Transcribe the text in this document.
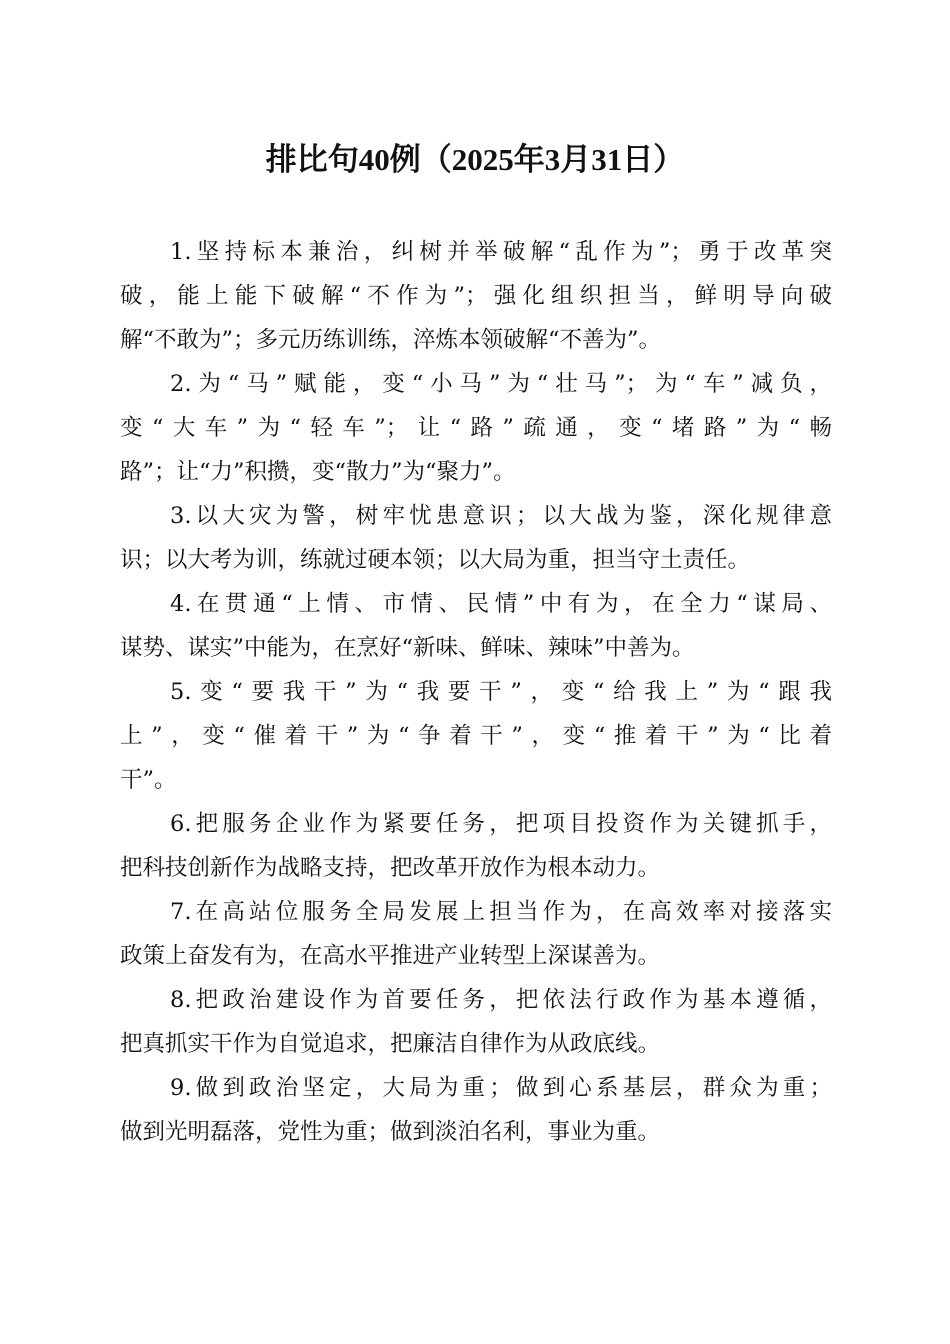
排比句40例（2025年3月31日）
1.坚持标本兼治，纠树并举破解“乱作为”；勇于改革突
破，能上能下破解“不作为”；强化组织担当，鲜明导向破
解“不敢为”；多元历练训练，淬炼本领破解“不善为”。
2.为“马”赋能，变“小马”为“壮马”；为“车”减负，
变“大车”为“轻车”；让“路”疏通，变“堵路”为“畅
路”；让“力”积攒，变“散力”为“聚力”。
3.以大灾为警，树牢忧患意识；以大战为鉴，深化规律意
识；以大考为训，练就过硬本领；以大局为重，担当守土责任。
4.在贯通“上情、市情、民情”中有为，在全力“谋局、
谋势、谋实”中能为，在烹好“新味、鲜味、辣味”中善为。
5.变“要我干”为“我要干”，变“给我上”为“跟我
上”，变“催着干”为“争着干”，变“推着干”为“比着
干”。
6.把服务企业作为紧要任务，把项目投资作为关键抓手，
把科技创新作为战略支持，把改革开放作为根本动力。
7.在高站位服务全局发展上担当作为，在高效率对接落实
政策上奋发有为，在高水平推进产业转型上深谋善为。
8.把政治建设作为首要任务，把依法行政作为基本遵循，
把真抓实干作为自觉追求，把廉洁自律作为从政底线。
9.做到政治坚定，大局为重；做到心系基层，群众为重；
做到光明磊落，党性为重；做到淡泊名利，事业为重。
